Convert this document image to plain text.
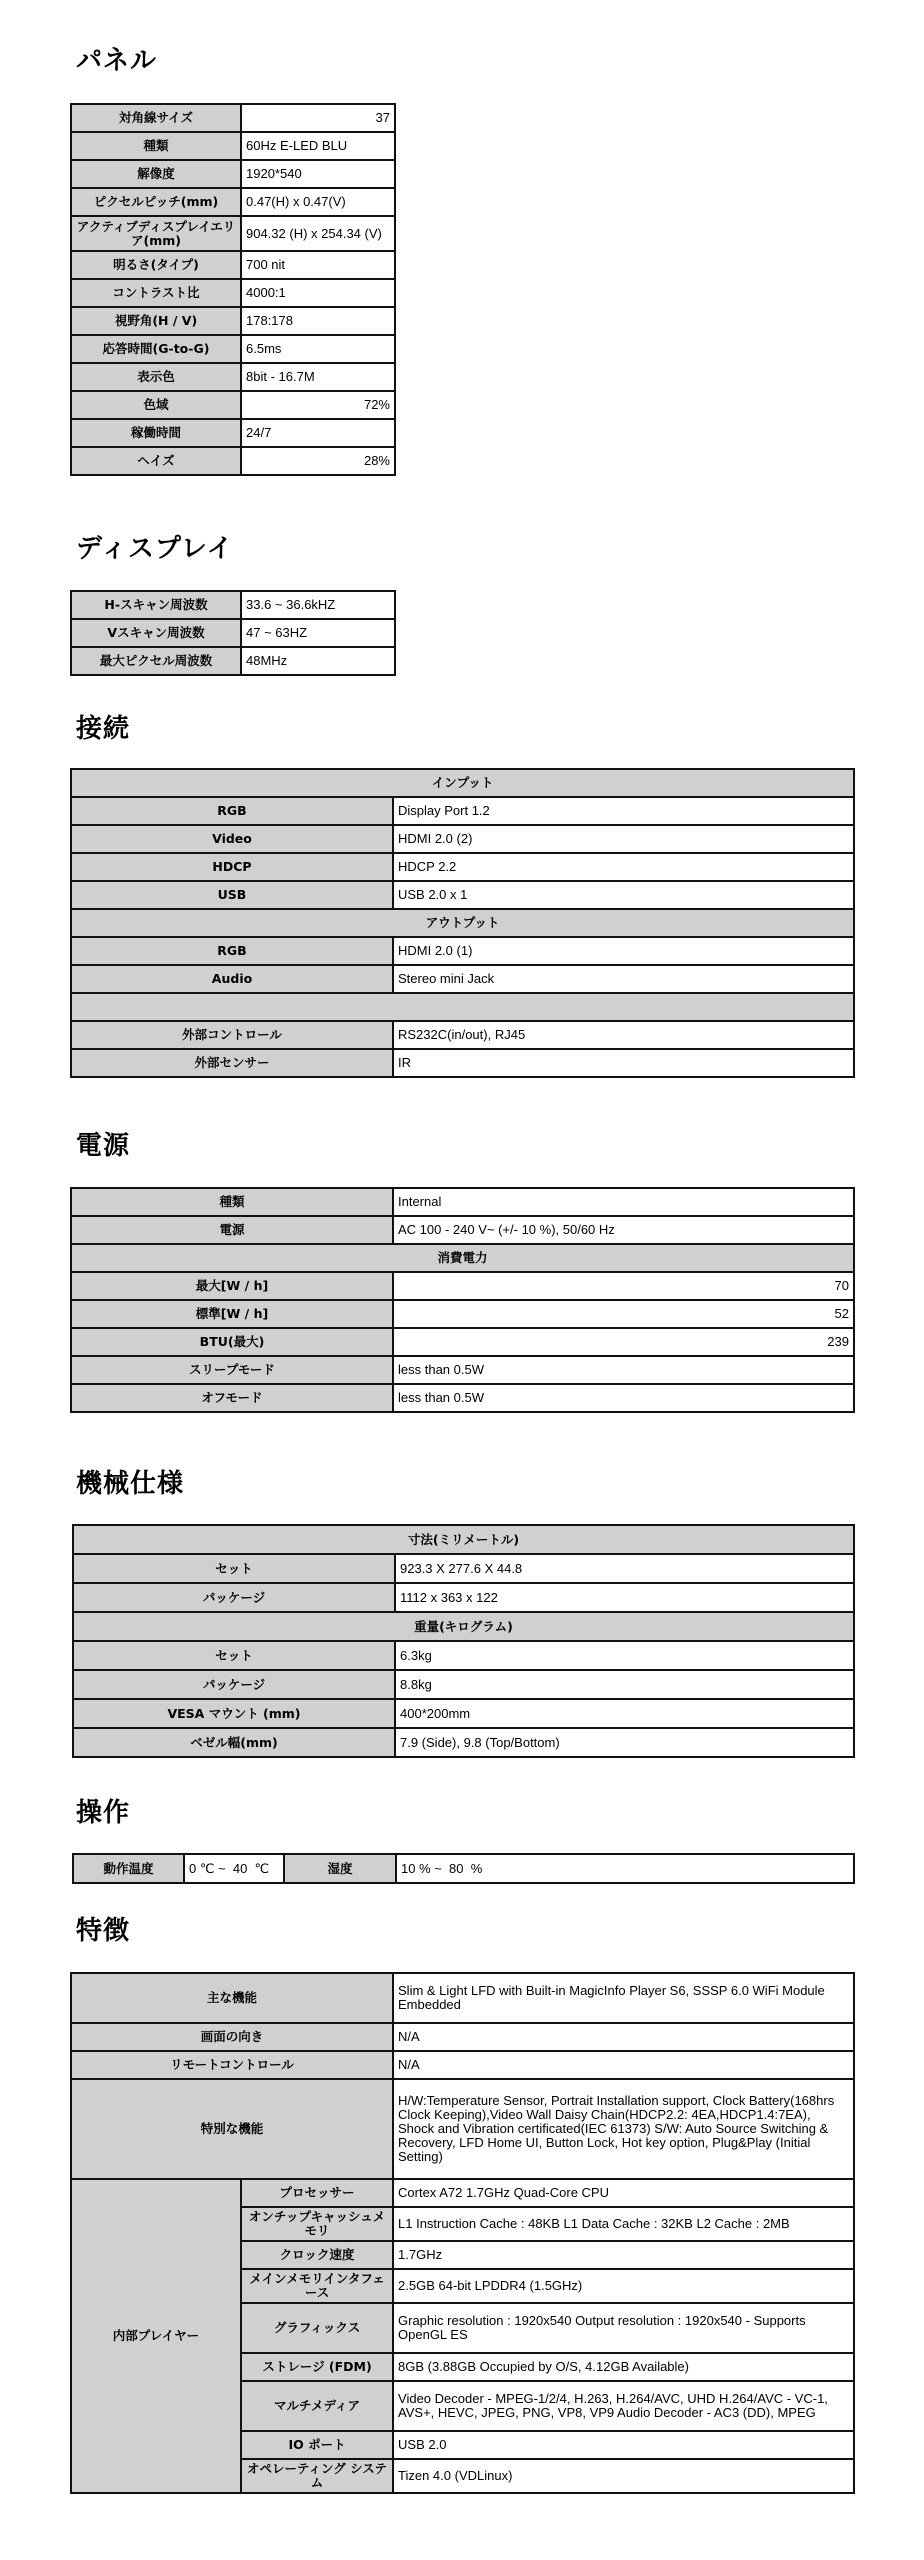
パネル
対角線サイズ	37
種類	60Hz E-LED BLU
解像度	1920*540
ピクセルピッチ(mm)	0.47(H) x 0.47(V)
アクティブディスプレイエリア(mm)	904.32 (H) x 254.34 (V)
明るさ(タイプ)	700 nit
コントラスト比	4000:1
視野角(H / V)	178:178
応答時間(G-to-G)	6.5ms
表示色	8bit - 16.7M
色域	72%
稼働時間	24/7
ヘイズ	28%
ディスプレイ
H-スキャン周波数	33.6 ~ 36.6kHZ
Vスキャン周波数	47 ~ 63HZ
最大ピクセル周波数	48MHz
接続
インプット	
RGB	Display Port 1.2
Video	HDMI 2.0 (2)
HDCP	HDCP 2.2
USB	USB 2.0 x 1
アウトプット	
RGB	HDMI 2.0 (1)
Audio	Stereo mini Jack

外部コントロール	RS232C(in/out), RJ45
外部センサー	IR
電源
種類	Internal
電源	AC 100 - 240 V~ (+/- 10 %), 50/60 Hz
消費電力	
最大[W / h]	70
標準[W / h]	52
BTU(最大)	239
スリープモード	less than 0.5W
オフモード	less than 0.5W
機械仕様
寸法(ミリメートル)	
セット	923.3 X 277.6 X 44.8
パッケージ	1112 x 363 x 122
重量(キログラム)	
セット	6.3kg
パッケージ	8.8kg
VESA マウント (mm)	400*200mm
ベゼル幅(mm)	7.9 (Side), 9.8 (Top/Bottom)
操作
動作温度	0 ℃ ~  40  ℃	湿度	10 % ~  80  %
特徴
主な機能		Slim & Light LFD with Built-in MagicInfo Player S6, SSSP 6.0 WiFi Module Embedded
画面の向き		N/A
リモートコントロール		N/A
特別な機能		H/W:Temperature Sensor, Portrait Installation support, Clock Battery(168hrs Clock Keeping),Video Wall Daisy Chain(HDCP2.2: 4EA,HDCP1.4:7EA), Shock and Vibration certificated(IEC 61373) S/W: Auto Source Switching & Recovery, LFD Home UI, Button Lock, Hot key option, Plug&Play (Initial Setting)
内部プレイヤー	プロセッサー	Cortex A72 1.7GHz Quad-Core CPU
	オンチップキャッシュメモリ	L1 Instruction Cache : 48KB L1 Data Cache : 32KB L2 Cache : 2MB
	クロック速度	1.7GHz
	メインメモリインタフェース	2.5GB 64-bit LPDDR4 (1.5GHz)
	グラフィックス	Graphic resolution : 1920x540 Output resolution : 1920x540 - Supports OpenGL ES
	ストレージ (FDM)	8GB (3.88GB Occupied by O/S, 4.12GB Available)
	マルチメディア	Video Decoder - MPEG-1/2/4, H.263, H.264/AVC, UHD H.264/AVC - VC-1, AVS+, HEVC, JPEG, PNG, VP8, VP9 Audio Decoder - AC3 (DD), MPEG
	IO ポート	USB 2.0
	オペレーティング システム	Tizen 4.0 (VDLinux)
